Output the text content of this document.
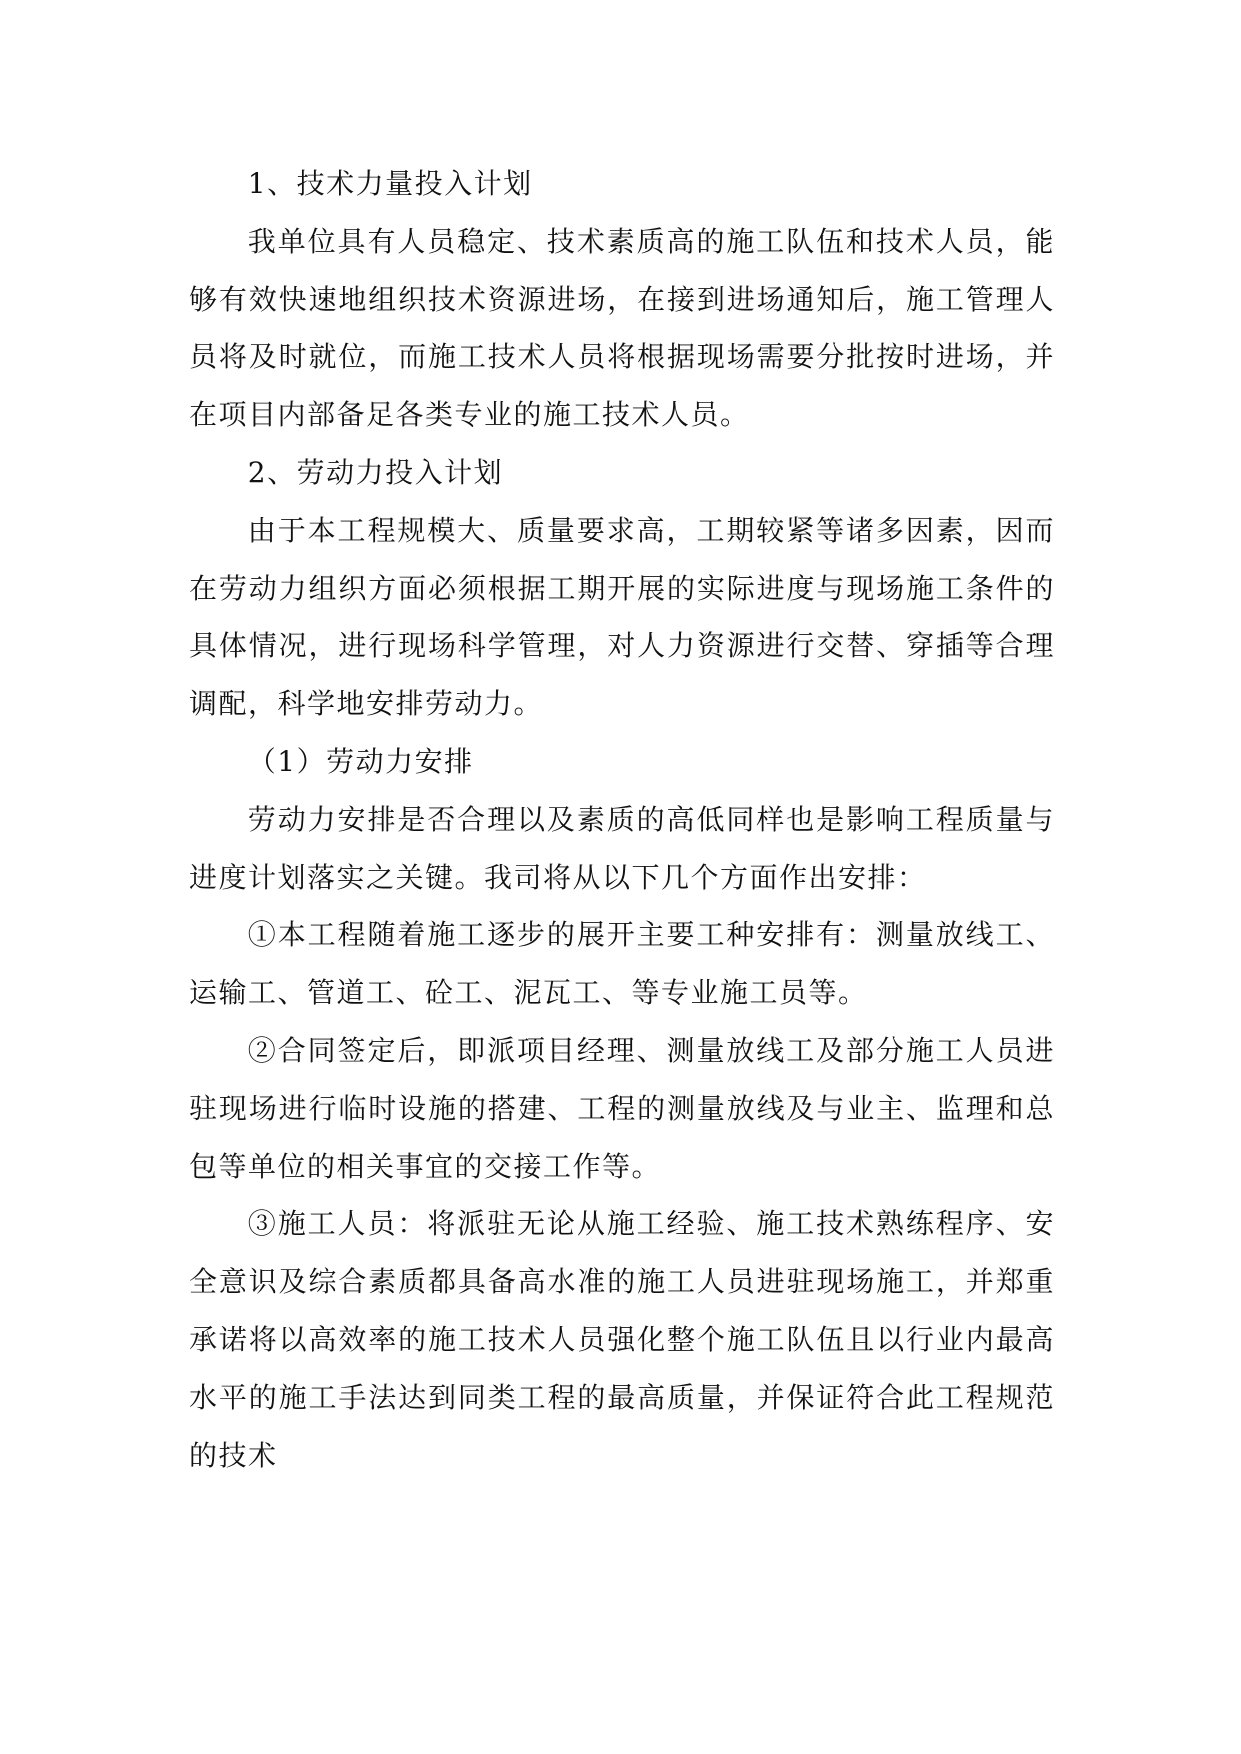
1、技术力量投入计划

我单位具有人员稳定、技术素质高的施工队伍和技术人员，能够有效快速地组织技术资源进场，在接到进场通知后，施工管理人员将及时就位，而施工技术人员将根据现场需要分批按时进场，并在项目内部备足各类专业的施工技术人员。

2、劳动力投入计划

由于本工程规模大、质量要求高，工期较紧等诸多因素，因而在劳动力组织方面必须根据工期开展的实际进度与现场施工条件的具体情况，进行现场科学管理，对人力资源进行交替、穿插等合理调配，科学地安排劳动力。

（1）劳动力安排

劳动力安排是否合理以及素质的高低同样也是影响工程质量与进度计划落实之关键。我司将从以下几个方面作出安排：

①本工程随着施工逐步的展开主要工种安排有：测量放线工、运输工、管道工、砼工、泥瓦工、等专业施工员等。

②合同签定后，即派项目经理、测量放线工及部分施工人员进驻现场进行临时设施的搭建、工程的测量放线及与业主、监理和总包等单位的相关事宜的交接工作等。

③施工人员：将派驻无论从施工经验、施工技术熟练程序、安全意识及综合素质都具备高水准的施工人员进驻现场施工，并郑重承诺将以高效率的施工技术人员强化整个施工队伍且以行业内最高水平的施工手法达到同类工程的最高质量，并保证符合此工程规范的技术
